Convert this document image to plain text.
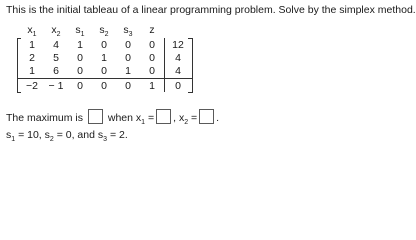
This is the initial tableau of a linear programming problem. Solve by the simplex method.
$x_1$	$x_2$	$s_1$	$s_2$	$s_3$	z
1	4	1	0	0	0	12
2	5	0	1	0	0	4
1	6	0	0	1	0	4
−2	− 1	0	0	0	1	0
The maximum is when $x_1$ = , $x_2$ = .
$s_1 = 10$, $s_2 = 0$, and $s_3 = 2$.
